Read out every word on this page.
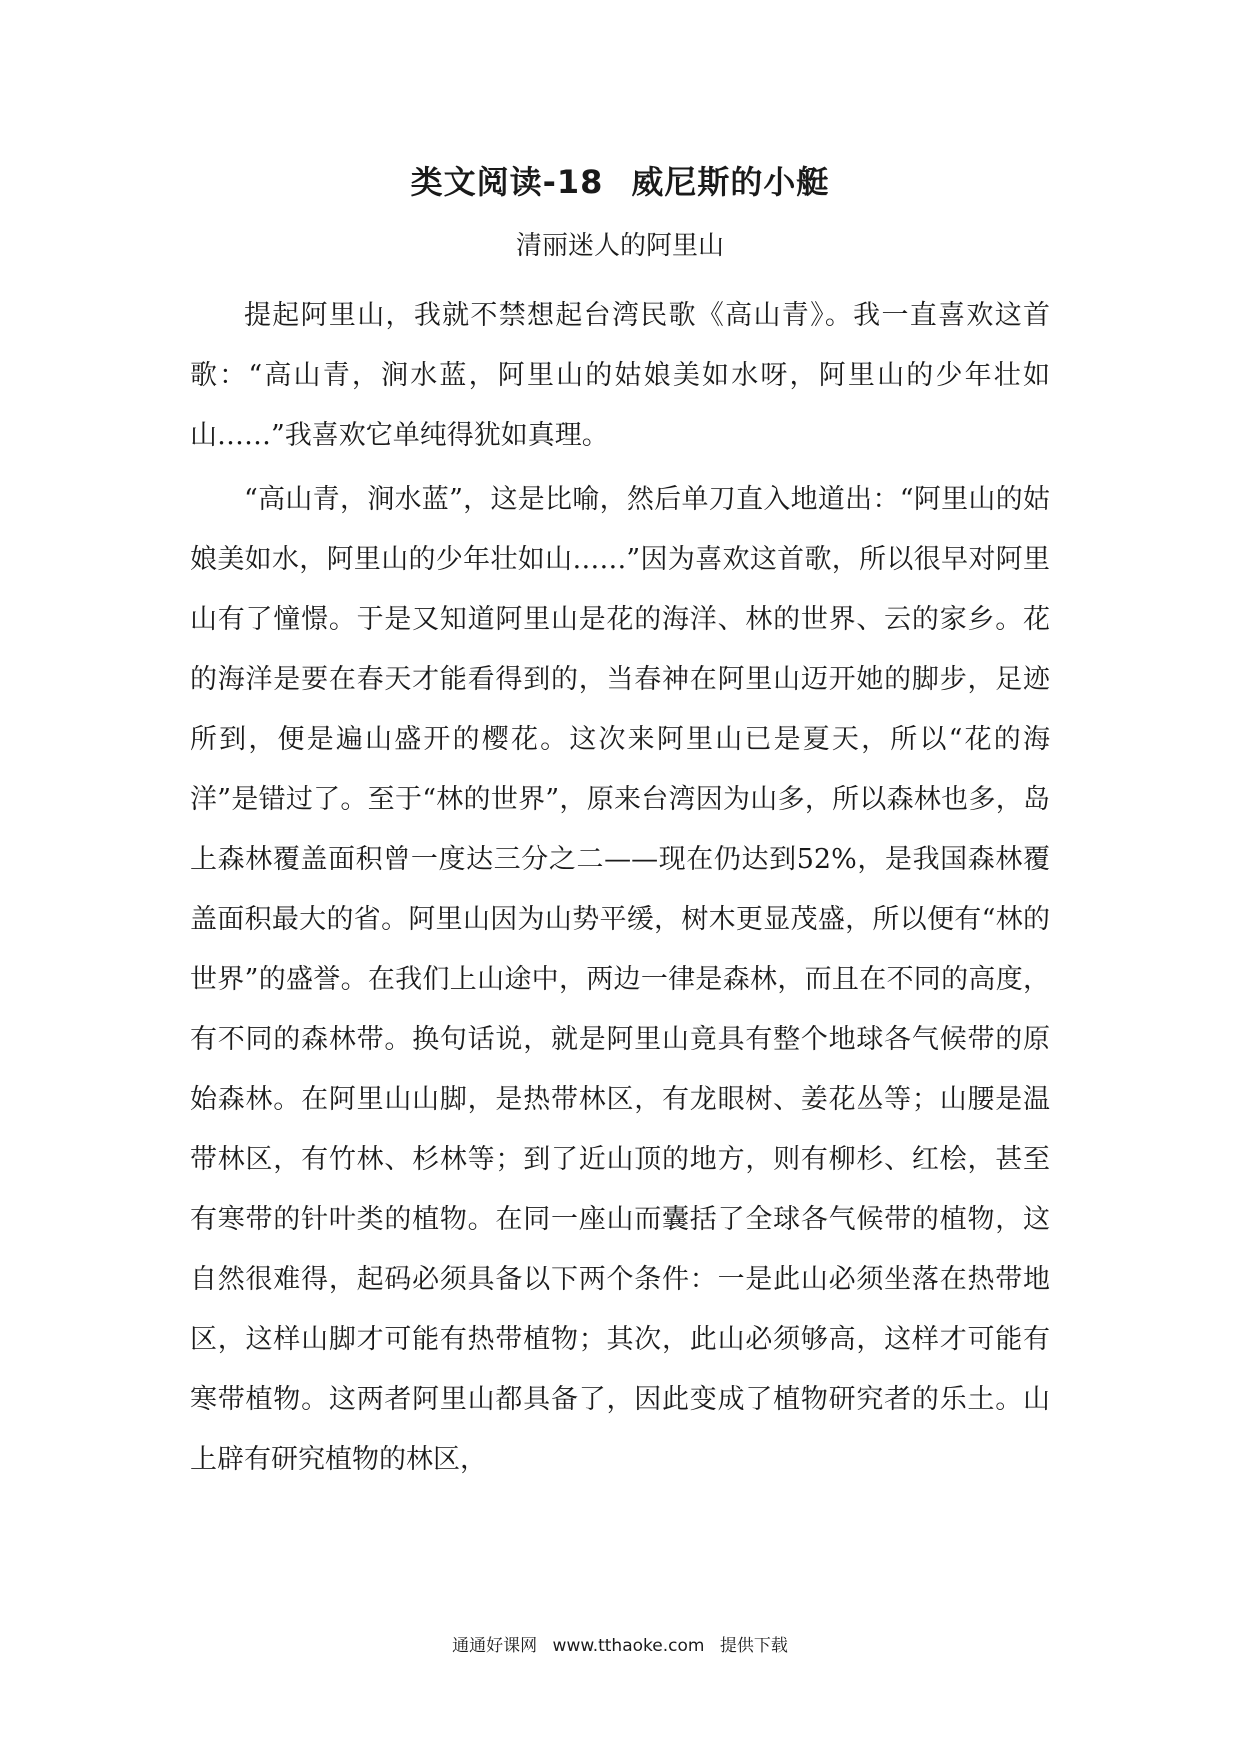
类文阅读-18 威尼斯的小艇
清丽迷人的阿里山

提起阿里山，我就不禁想起台湾民歌《高山青》。我一直喜欢这首歌：“高山青，涧水蓝，阿里山的姑娘美如水呀，阿里山的少年壮如山……”我喜欢它单纯得犹如真理。

“高山青，涧水蓝”，这是比喻，然后单刀直入地道出：“阿里山的姑娘美如水，阿里山的少年壮如山……”因为喜欢这首歌，所以很早对阿里山有了憧憬。于是又知道阿里山是花的海洋、林的世界、云的家乡。花的海洋是要在春天才能看得到的，当春神在阿里山迈开她的脚步，足迹所到，便是遍山盛开的樱花。这次来阿里山已是夏天，所以“花的海洋”是错过了。至于“林的世界”，原来台湾因为山多，所以森林也多，岛上森林覆盖面积曾一度达三分之二——现在仍达到52%，是我国森林覆盖面积最大的省。阿里山因为山势平缓，树木更显茂盛，所以便有“林的世界”的盛誉。在我们上山途中，两边一律是森林，而且在不同的高度，有不同的森林带。换句话说，就是阿里山竟具有整个地球各气候带的原始森林。在阿里山山脚，是热带林区，有龙眼树、姜花丛等；山腰是温带林区，有竹林、杉林等；到了近山顶的地方，则有柳杉、红桧，甚至有寒带的针叶类的植物。在同一座山而囊括了全球各气候带的植物，这自然很难得，起码必须具备以下两个条件：一是此山必须坐落在热带地区，这样山脚才可能有热带植物；其次，此山必须够高，这样才可能有寒带植物。这两者阿里山都具备了，因此变成了植物研究者的乐土。山上辟有研究植物的林区，

通通好课网 www.tthaoke.com 提供下载
